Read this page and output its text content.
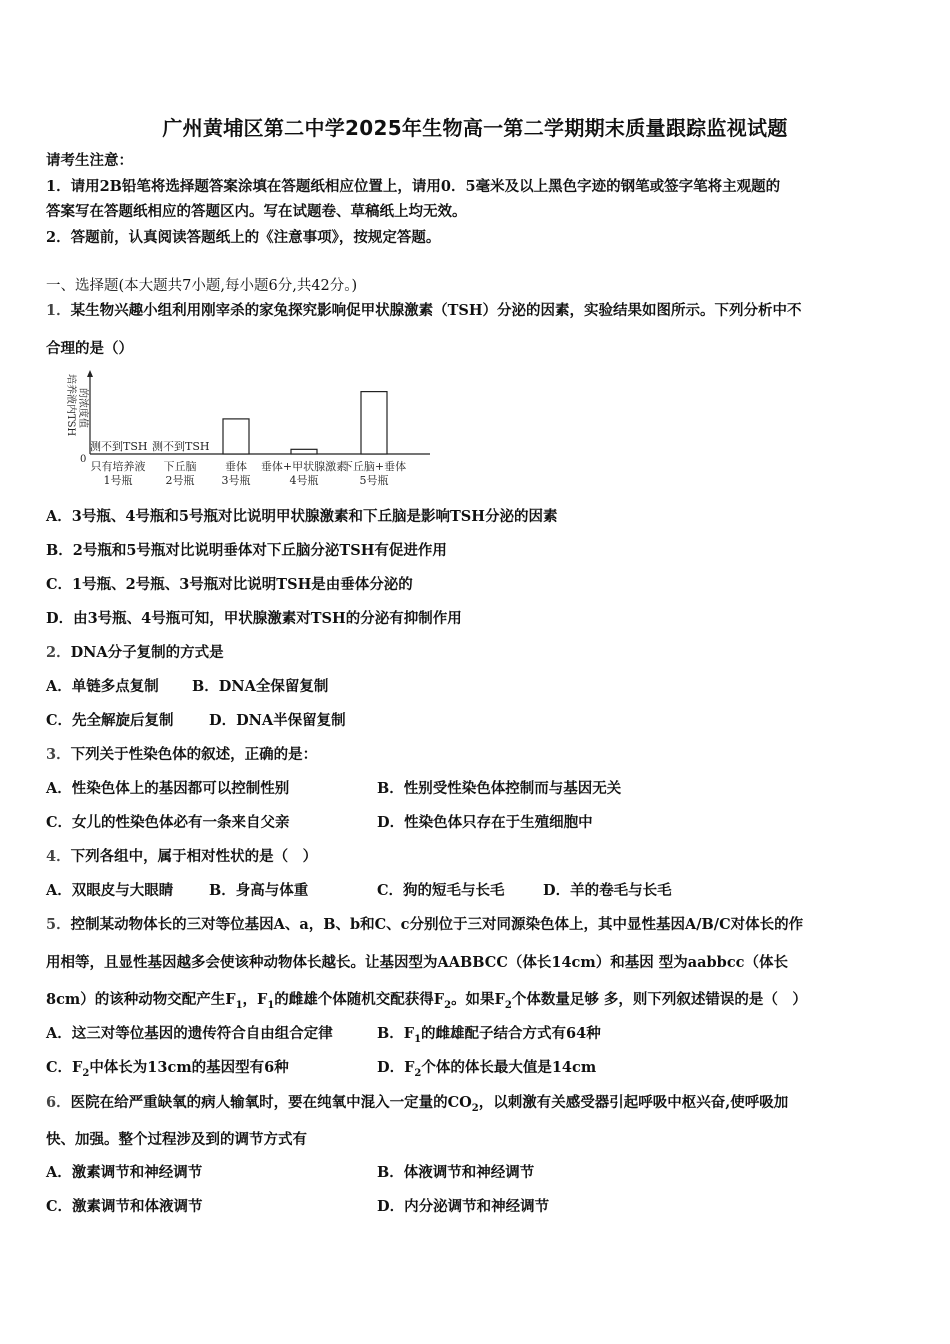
广州黄埔区第二中学2025年生物高一第二学期期末质量跟踪监视试题
请考生注意：
1．请用2B铅笔将选择题答案涂填在答题纸相应位置上，请用0．5毫米及以上黑色字迹的钢笔或签字笔将主观题的
答案写在答题纸相应的答题区内。写在试题卷、草稿纸上均无效。
2．答题前，认真阅读答题纸上的《注意事项》，按规定答题。
一、选择题(本大题共7小题,每小题6分,共42分。)
1．某生物兴趣小组利用刚宰杀的家兔探究影响促甲状腺激素（TSH）分泌的因素，实验结果如图所示。下列分析中不
合理的是（）
培养液内TSH 的浓度值
0
测不到TSH 测不到TSH
只有培养液
1号瓶
下丘脑
2号瓶
垂体
3号瓶
垂体+甲状腺激素
4号瓶
下丘脑+垂体
5号瓶
A．3号瓶、4号瓶和5号瓶对比说明甲状腺激素和下丘脑是影响TSH分泌的因素
B．2号瓶和5号瓶对比说明垂体对下丘脑分泌TSH有促进作用
C．1号瓶、2号瓶、3号瓶对比说明TSH是由垂体分泌的
D．由3号瓶、4号瓶可知，甲状腺激素对TSH的分泌有抑制作用
2．DNA分子复制的方式是
A．单链多点复制 B．DNA全保留复制
C．先全解旋后复制 D．DNA半保留复制
3．下列关于性染色体的叙述，正确的是：
A．性染色体上的基因都可以控制性别	B．性别受性染色体控制而与基因无关
C．女儿的性染色体必有一条来自父亲	D．性染色体只存在于生殖细胞中
4．下列各组中，属于相对性状的是（　）
A．双眼皮与大眼睛 B．身高与体重	C．狗的短毛与长毛	D．羊的卷毛与长毛
5．控制某动物体长的三对等位基因A、a，B、b和C、c分别位于三对同源染色体上，其中显性基因A/B/C对体长的作
用相等，且显性基因越多会使该种动物体长越长。让基因型为AABBCC（体长14cm）和基因 型为aabbcc（体长
8cm）的该种动物交配产生$F_1$，$F_1$的雌雄个体随机交配获得$F_2$。如果$F_2$个体数量足够 多，则下列叙述错误的是（　）
A．这三对等位基因的遗传符合自由组合定律	B．$F_1$的雌雄配子结合方式有64种
C．$F_2$中体长为13cm的基因型有6种	D．$F_2$个体的体长最大值是14cm
6．医院在给严重缺氧的病人输氧时，要在纯氧中混入一定量的$CO_2$，以刺激有关感受器引起呼吸中枢兴奋,使呼吸加
快、加强。整个过程涉及到的调节方式有
A．激素调节和神经调节	B．体液调节和神经调节
C．激素调节和体液调节	D．内分泌调节和神经调节
